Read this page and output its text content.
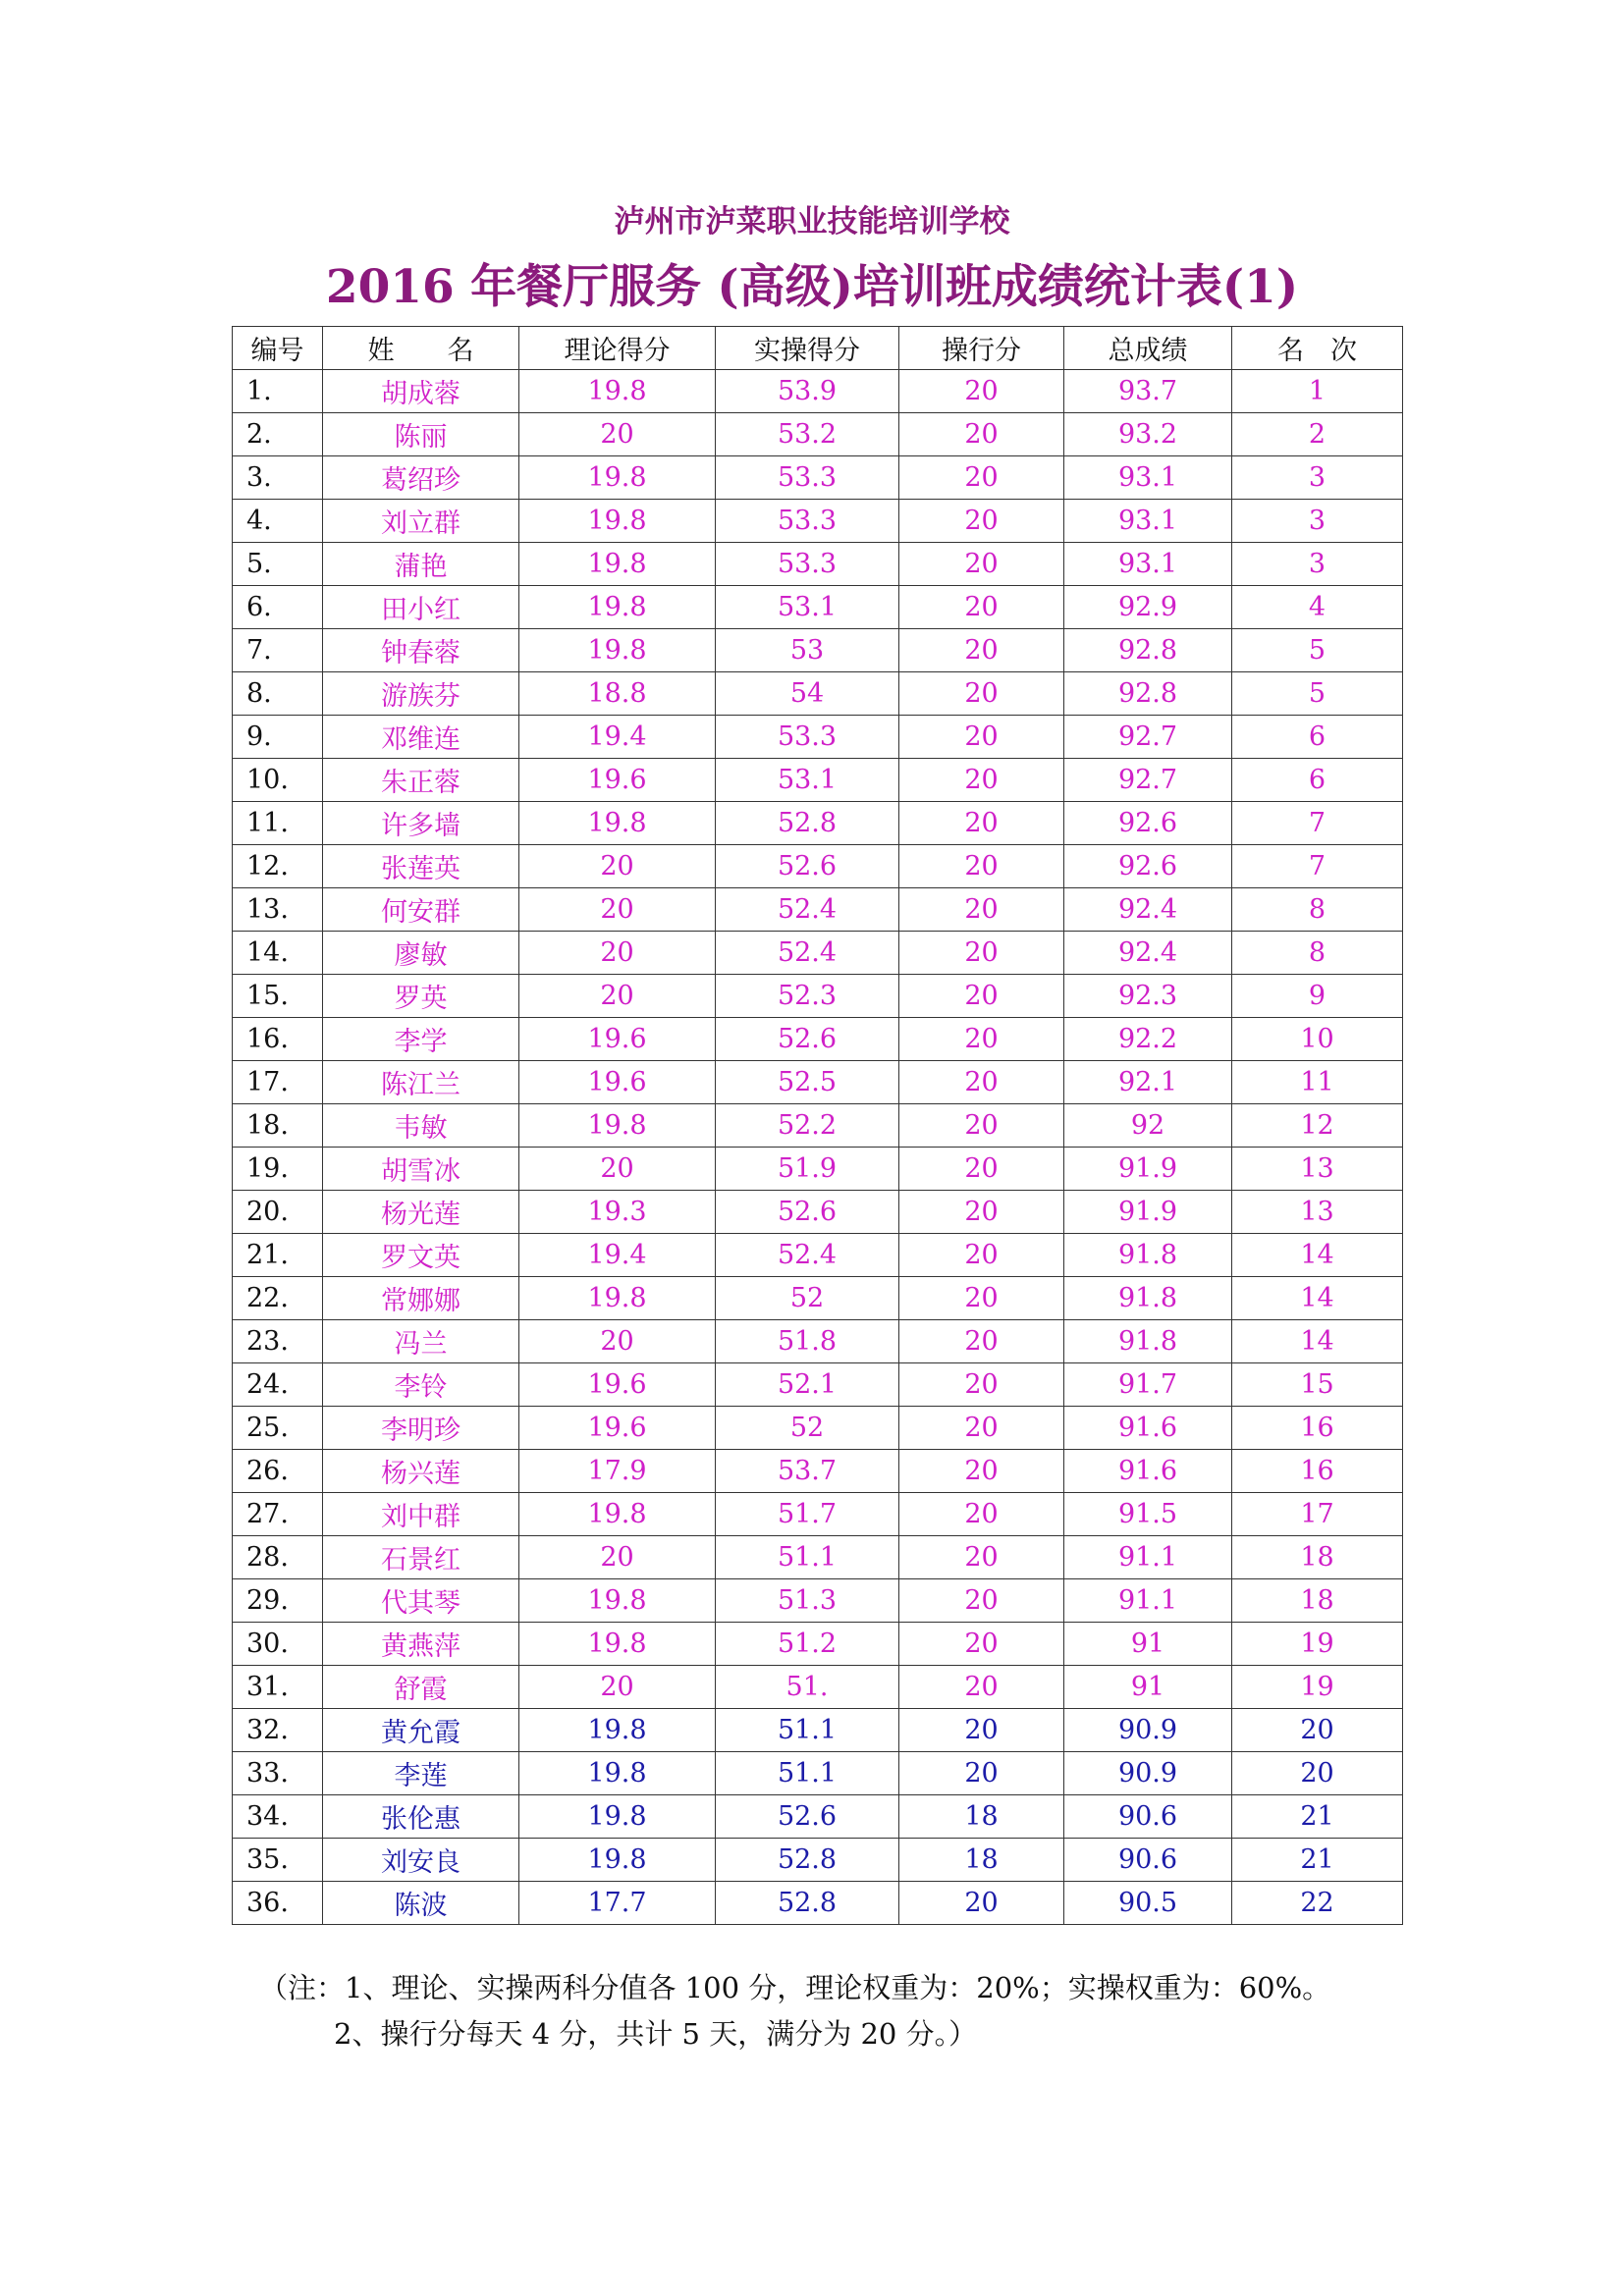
泸州市泸菜职业技能培训学校
2016 年餐厅服务 (高级)培训班成绩统计表(1)
编号	姓　　名	理论得分	实操得分	操行分	总成绩	名　次
1.	胡成蓉	19.8	53.9	20	93.7	1
2.	陈丽	20	53.2	20	93.2	2
3.	葛绍珍	19.8	53.3	20	93.1	3
4.	刘立群	19.8	53.3	20	93.1	3
5.	蒲艳	19.8	53.3	20	93.1	3
6.	田小红	19.8	53.1	20	92.9	4
7.	钟春蓉	19.8	53	20	92.8	5
8.	游族芬	18.8	54	20	92.8	5
9.	邓维连	19.4	53.3	20	92.7	6
10.	朱正蓉	19.6	53.1	20	92.7	6
11.	许多墙	19.8	52.8	20	92.6	7
12.	张莲英	20	52.6	20	92.6	7
13.	何安群	20	52.4	20	92.4	8
14.	廖敏	20	52.4	20	92.4	8
15.	罗英	20	52.3	20	92.3	9
16.	李学	19.6	52.6	20	92.2	10
17.	陈江兰	19.6	52.5	20	92.1	11
18.	韦敏	19.8	52.2	20	92	12
19.	胡雪冰	20	51.9	20	91.9	13
20.	杨光莲	19.3	52.6	20	91.9	13
21.	罗文英	19.4	52.4	20	91.8	14
22.	常娜娜	19.8	52	20	91.8	14
23.	冯兰	20	51.8	20	91.8	14
24.	李铃	19.6	52.1	20	91.7	15
25.	李明珍	19.6	52	20	91.6	16
26.	杨兴莲	17.9	53.7	20	91.6	16
27.	刘中群	19.8	51.7	20	91.5	17
28.	石景红	20	51.1	20	91.1	18
29.	代其琴	19.8	51.3	20	91.1	18
30.	黄燕萍	19.8	51.2	20	91	19
31.	舒霞	20	51.	20	91	19
32.	黄允霞	19.8	51.1	20	90.9	20
33.	李莲	19.8	51.1	20	90.9	20
34.	张伦惠	19.8	52.6	18	90.6	21
35.	刘安良	19.8	52.8	18	90.6	21
36.	陈波	17.7	52.8	20	90.5	22
（注：1、理论、实操两科分值各 100 分，理论权重为：20%；实操权重为：60%。
2、操行分每天 4 分，共计 5 天，满分为 20 分。）
